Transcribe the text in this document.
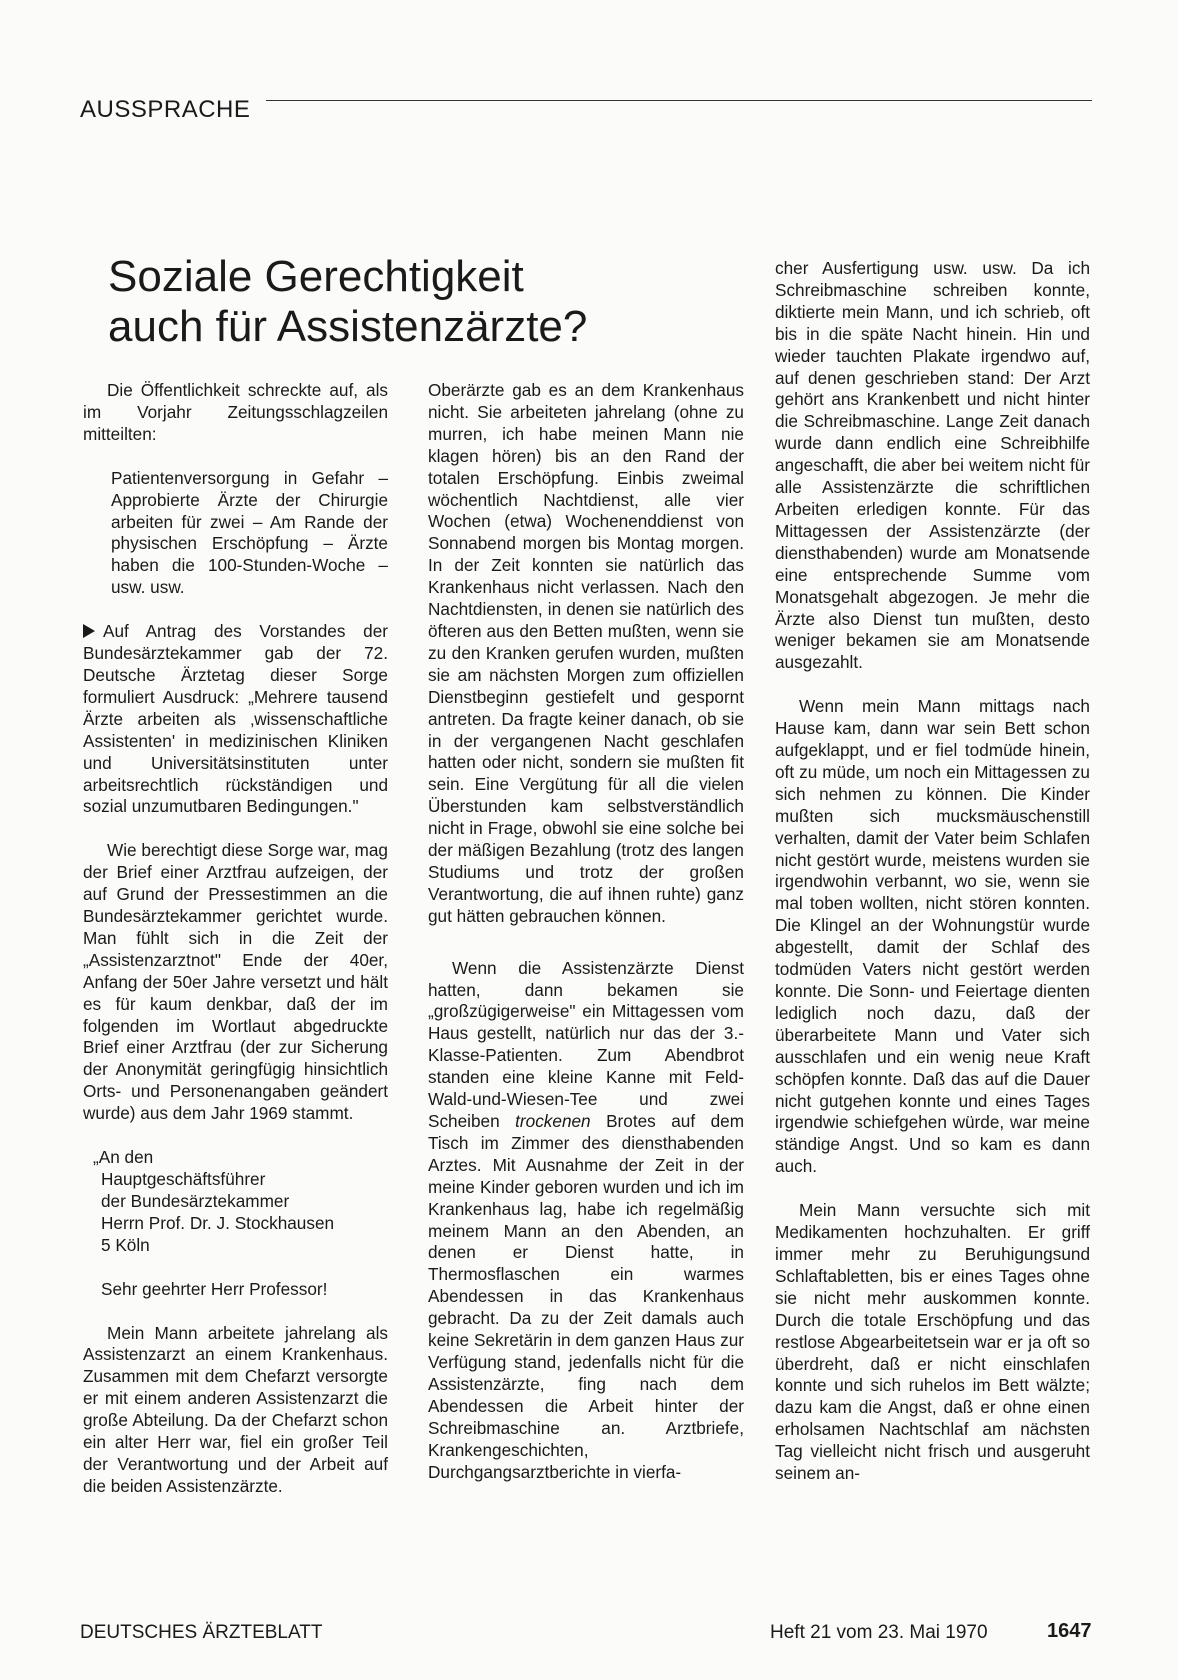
AUSSPRACHE
Soziale Gerechtigkeit
auch für Assistenzärzte?

Die Öffentlichkeit schreckte auf, als im Vorjahr Zeitungsschlagzeilen mitteilten:

Patientenversorgung in Gefahr – Approbierte Ärzte der Chirurgie arbeiten für zwei – Am Rande der physischen Erschöpfung – Ärzte haben die 100-Stunden-Woche – usw. usw.

Auf Antrag des Vorstandes der Bundesärztekammer gab der 72. Deutsche Ärztetag dieser Sorge formuliert Ausdruck: „Mehrere tausend Ärzte arbeiten als ‚wissenschaftliche Assistenten' in medizinischen Kliniken und Universitätsinstituten unter arbeitsrechtlich rückständigen und sozial unzumutbaren Bedingungen."

Wie berechtigt diese Sorge war, mag der Brief einer Arztfrau aufzeigen, der auf Grund der Pressestimmen an die Bundesärztekammer gerichtet wurde. Man fühlt sich in die Zeit der „Assistenzarztnot" Ende der 40er, Anfang der 50er Jahre versetzt und hält es für kaum denkbar, daß der im folgenden im Wortlaut abgedruckte Brief einer Arztfrau (der zur Sicherung der Anonymität geringfügig hinsichtlich Orts- und Personenangaben geändert wurde) aus dem Jahr 1969 stammt.

„An den
Hauptgeschäftsführer
der Bundesärztekammer
Herrn Prof. Dr. J. Stockhausen
5 Köln

Sehr geehrter Herr Professor!

Mein Mann arbeitete jahrelang als Assistenzarzt an einem Krankenhaus. Zusammen mit dem Chefarzt versorgte er mit einem anderen Assistenzarzt die große Abteilung. Da der Chefarzt schon ein alter Herr war, fiel ein großer Teil der Verantwortung und der Arbeit auf die beiden Assistenzärzte.

Oberärzte gab es an dem Krankenhaus nicht. Sie arbeiteten jahrelang (ohne zu murren, ich habe meinen Mann nie klagen hören) bis an den Rand der totalen Erschöpfung. Einbis zweimal wöchentlich Nachtdienst, alle vier Wochen (etwa) Wochenenddienst von Sonnabend morgen bis Montag morgen. In der Zeit konnten sie natürlich das Krankenhaus nicht verlassen. Nach den Nachtdiensten, in denen sie natürlich des öfteren aus den Betten mußten, wenn sie zu den Kranken gerufen wurden, mußten sie am nächsten Morgen zum offiziellen Dienstbeginn gestiefelt und gespornt antreten. Da fragte keiner danach, ob sie in der vergangenen Nacht geschlafen hatten oder nicht, sondern sie mußten fit sein. Eine Vergütung für all die vielen Überstunden kam selbstverständlich nicht in Frage, obwohl sie eine solche bei der mäßigen Bezahlung (trotz des langen Studiums und trotz der großen Verantwortung, die auf ihnen ruhte) ganz gut hätten gebrauchen können.

Wenn die Assistenzärzte Dienst hatten, dann bekamen sie „großzügigerweise" ein Mittagessen vom Haus gestellt, natürlich nur das der 3.-Klasse-Patienten. Zum Abendbrot standen eine kleine Kanne mit Feld-Wald-und-Wiesen-Tee und zwei Scheiben trockenen Brotes auf dem Tisch im Zimmer des diensthabenden Arztes. Mit Ausnahme der Zeit in der meine Kinder geboren wurden und ich im Krankenhaus lag, habe ich regelmäßig meinem Mann an den Abenden, an denen er Dienst hatte, in Thermosflaschen ein warmes Abendessen in das Krankenhaus gebracht. Da zu der Zeit damals auch keine Sekretärin in dem ganzen Haus zur Verfügung stand, jedenfalls nicht für die Assistenzärzte, fing nach dem Abendessen die Arbeit hinter der Schreibmaschine an. Arztbriefe, Krankengeschichten, Durchgangsarztberichte in vierfa-

cher Ausfertigung usw. usw. Da ich Schreibmaschine schreiben konnte, diktierte mein Mann, und ich schrieb, oft bis in die späte Nacht hinein. Hin und wieder tauchten Plakate irgendwo auf, auf denen geschrieben stand: Der Arzt gehört ans Krankenbett und nicht hinter die Schreibmaschine. Lange Zeit danach wurde dann endlich eine Schreibhilfe angeschafft, die aber bei weitem nicht für alle Assistenzärzte die schriftlichen Arbeiten erledigen konnte. Für das Mittagessen der Assistenzärzte (der diensthabenden) wurde am Monatsende eine entsprechende Summe vom Monatsgehalt abgezogen. Je mehr die Ärzte also Dienst tun mußten, desto weniger bekamen sie am Monatsende ausgezahlt.

Wenn mein Mann mittags nach Hause kam, dann war sein Bett schon aufgeklappt, und er fiel todmüde hinein, oft zu müde, um noch ein Mittagessen zu sich nehmen zu können. Die Kinder mußten sich mucksmäuschenstill verhalten, damit der Vater beim Schlafen nicht gestört wurde, meistens wurden sie irgendwohin verbannt, wo sie, wenn sie mal toben wollten, nicht stören konnten. Die Klingel an der Wohnungstür wurde abgestellt, damit der Schlaf des todmüden Vaters nicht gestört werden konnte. Die Sonn- und Feiertage dienten lediglich noch dazu, daß der überarbeitete Mann und Vater sich ausschlafen und ein wenig neue Kraft schöpfen konnte. Daß das auf die Dauer nicht gutgehen konnte und eines Tages irgendwie schiefgehen würde, war meine ständige Angst. Und so kam es dann auch.

Mein Mann versuchte sich mit Medikamenten hochzuhalten. Er griff immer mehr zu Beruhigungsund Schlaftabletten, bis er eines Tages ohne sie nicht mehr auskommen konnte. Durch die totale Erschöpfung und das restlose Abgearbeitetsein war er ja oft so überdreht, daß er nicht einschlafen konnte und sich ruhelos im Bett wälzte; dazu kam die Angst, daß er ohne einen erholsamen Nachtschlaf am nächsten Tag vielleicht nicht frisch und ausgeruht seinem an-

DEUTSCHES ÄRZTEBLATT	Heft 21 vom 23. Mai 1970	1647
